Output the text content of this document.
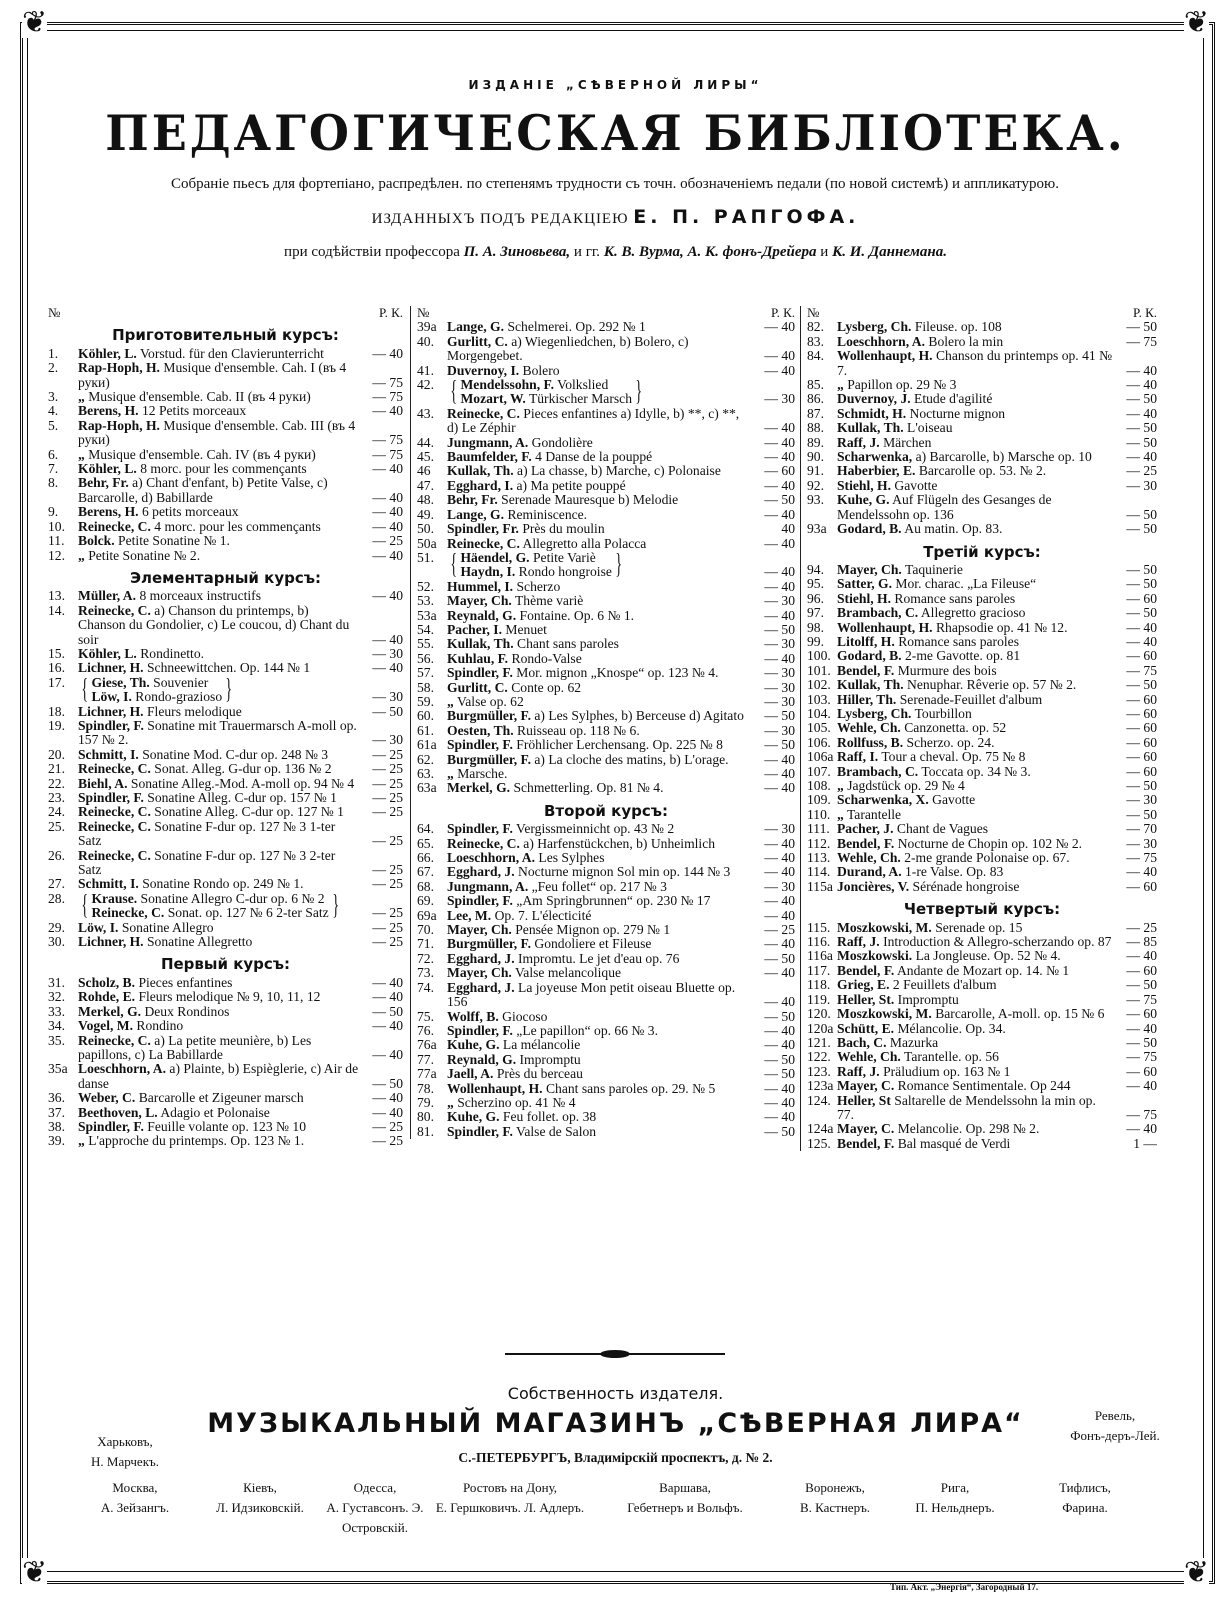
❦	❦
❦	❦
ИЗДАНІЕ „СѢВЕРНОЙ ЛИРЫ“
ПЕДАГОГИЧЕСКАЯ БИБЛІОТЕКА.
Собраніе пьесъ для фортепіано, распредѣлен. по степенямъ трудности съ точн. обозначеніемъ педали (по новой системѣ) и аппликатурою.
ИЗДАННЫХЪ ПОДЪ РЕДАКЦІЕЮ Е. П. РАПГОФА.
при содѣйствіи профессора П. А. Зиновьева, и гг. К. В. Вурма, А. К. фонъ-Дрейера и К. И. Даннемана.
№	Р. К.
Приготовительный курсъ:
1.	Köhler, L. Vorstud. für den Clavierunterricht	— 40
2.	Rap-Hoph, H. Musique d'ensemble. Cah. I (въ 4 руки)	— 75
3.	„ Musique d'ensemble. Cab. II (въ 4 руки)	— 75
4.	Berens, H. 12 Petits morceaux	— 40
5.	Rap-Hoph, H. Musique d'ensemble. Cab. III (въ 4 руки)	— 75
6.	„ Musique d'ensemble. Cah. IV (въ 4 руки)	— 75
7.	Köhler, L. 8 morc. pour les commençants	— 40
8.	Behr, Fr. a) Chant d'enfant, b) Petite Valse, c) Barcarolle, d) Babillarde	— 40
9.	Berens, H. 6 petits morceaux	— 40
10. Reinecke, C. 4 morc. pour les commençants	— 40
11. Bolck. Petite Sonatine № 1.	— 25
12. „ Petite Sonatine № 2.	— 40
Элементарный курсъ:
13. Müller, A. 8 morceaux instructifs	— 40
14. Reinecke, C. a) Chanson du printemps, b) Chanson du Gondolier, c) Le coucou, d) Chant du soir	— 40
15. Köhler, L. Rondinetto.	— 30
16. Lichner, H. Schneewittchen. Op. 144 № 1	— 40
17. { Giese, Th. Souvenier
Löw, I. Rondo-grazioso }	— 30
18. Lichner, H. Fleurs melodique	— 50
19. Spindler, F. Sonatine mit Trauermarsch A-moll op. 157 № 2.	— 30
20. Schmitt, I. Sonatine Mod. C-dur op. 248 № 3	— 25
21. Reinecke, C. Sonat. Alleg. G-dur op. 136 № 2	— 25
22. Biehl, A. Sonatine Alleg.-Mod. A-moll op. 94 № 4	— 25
23. Spindler, F. Sonatine Alleg. C-dur op. 157 № 1	— 25
24. Reinecke, C. Sonatine Alleg. C-dur op. 127 № 1	— 25
25. Reinecke, C. Sonatine F-dur op. 127 № 3 1-ter Satz	— 25
26. Reinecke, C. Sonatine F-dur op. 127 № 3 2-ter Satz	— 25
27. Schmitt, I. Sonatine Rondo op. 249 № 1.	— 25
28. { Krause. Sonatine Allegro C-dur op. 6 № 2
Reinecke, C. Sonat. op. 127 № 6 2-ter Satz }	— 25
29. Löw, I. Sonatine Allegro	— 25
30. Lichner, H. Sonatine Allegretto	— 25
Первый курсъ:
31. Scholz, B. Pieces enfantines	— 40
32. Rohde, E. Fleurs melodique № 9, 10, 11, 12	— 40
33. Merkel, G. Deux Rondinos	— 50
34. Vogel, M. Rondino	— 40
35. Reinecke, C. a) La petite meunière, b) Les papillons, c) La Babillarde	— 40
35a Loeschhorn, A. a) Plainte, b) Espièglerie, c) Air de danse	— 50
36. Weber, C. Barcarolle et Zigeuner marsch	— 40
37. Beethoven, L. Adagio et Polonaise	— 40
38. Spindler, F. Feuille volante op. 123 № 10	— 25
39. „ L'approche du printemps. Op. 123 № 1.	— 25
№	Р. К.
39a Lange, G. Schelmerei. Op. 292 № 1	— 40
40. Gurlitt, C. a) Wiegenliedchen, b) Bolero, c) Morgengebet.	— 40
41. Duvernoy, I. Bolero	— 40
42. { Mendelssohn, F. Volkslied
Mozart, W. Türkischer Marsch }	— 30
43. Reinecke, C. Pieces enfantines a) Idylle, b) **, c) **, d) Le Zéphir	— 40
44. Jungmann, A. Gondolière	— 40
45. Baumfelder, F. 4 Danse de la pouppé	— 40
46	Kullak, Th. a) La chasse, b) Marche, c) Polonaise	— 60
47. Egghard, I. a) Ma petite pouppé	— 40
48. Behr, Fr. Serenade Mauresque b) Melodie	— 50
49. Lange, G. Reminiscence.	— 40
50. Spindler, Fr. Près du moulin	40
50a Reinecke, C. Allegretto alla Polacca	— 40
51. { Häendel, G. Petite Variè
Haydn, I. Rondo hongroise }	— 40
52. Hummel, I. Scherzo	— 40
53. Mayer, Ch. Thème variè	— 30
53a Reynald, G. Fontaine. Op. 6 № 1.	— 40
54. Pacher, I. Menuet	— 50
55. Kullak, Th. Chant sans paroles	— 30
56. Kuhlau, F. Rondo-Valse	— 40
57. Spindler, F. Mor. mignon „Knospe“ op. 123 № 4.	— 30
58. Gurlitt, C. Conte op. 62	— 30
59. „ Valse op. 62	— 30
60. Burgmüller, F. a) Les Sylphes, b) Berceuse d) Agitato	— 50
61. Oesten, Th. Ruisseau op. 118 № 6.	— 30
61a Spindler, F. Fröhlicher Lerchensang. Op. 225 № 8	— 50
62. Burgmüller, F. a) La cloche des matins, b) L'orage.	— 40
63. „ Marsche.	— 40
63a Merkel, G. Schmetterling. Op. 81 № 4.	— 40
Второй курсъ:
64. Spindler, F. Vergissmeinnicht op. 43 № 2	— 30
65. Reinecke, C. a) Harfenstückchen, b) Unheimlich	— 40
66. Loeschhorn, A. Les Sylphes	— 40
67. Egghard, J. Nocturne mignon Sol min op. 144 № 3	— 40
68. Jungmann, A. „Feu follet“ op. 217 № 3	— 30
69. Spindler, F. „Am Springbrunnen“ op. 230 № 17	— 40
69a Lee, M. Op. 7. L'électicité	— 40
70. Mayer, Ch. Pensée Mignon op. 279 № 1	— 25
71. Burgmüller, F. Gondoliere et Fileuse	— 40
72. Egghard, J. Impromtu. Le jet d'eau op. 76	— 50
73. Mayer, Ch. Valse melancolique	— 40
74. Egghard, J. La joyeuse Mon petit oiseau Bluette op. 156	— 40
75. Wolff, B. Giocoso	— 50
76. Spindler, F. „Le papillon“ op. 66 № 3.	— 40
76a Kuhe, G. La mélancolie	— 40
77. Reynald, G. Impromptu	— 50
77a Jaell, A. Près du berceau	— 50
78. Wollenhaupt, H. Chant sans paroles op. 29. № 5	— 40
79. „ Scherzino op. 41 № 4	— 40
80. Kuhe, G. Feu follet. op. 38	— 40
81. Spindler, F. Valse de Salon	— 50
№	Р. К.
82. Lysberg, Ch. Fileuse. op. 108	— 50
83. Loeschhorn, A. Bolero la min	— 75
84. Wollenhaupt, H. Chanson du printemps op. 41 № 7.	— 40
85. „ Papillon op. 29 № 3	— 40
86. Duvernoy, J. Etude d'agilité	— 50
87. Schmidt, H. Nocturne mignon	— 40
88. Kullak, Th. L'oiseau	— 50
89. Raff, J. Märchen	— 50
90. Scharwenka, a) Barcarolle, b) Marsche op. 10	— 40
91. Haberbier, E. Barcarolle op. 53. № 2.	— 25
92. Stiehl, H. Gavotte	— 30
93. Kuhe, G. Auf Flügeln des Gesanges de Mendelssohn op. 136	— 50
93a Godard, B. Au matin. Op. 83.	— 50
Третій курсъ:
94. Mayer, Ch. Taquinerie	— 50
95. Satter, G. Mor. charac. „La Fileuse“	— 50
96. Stiehl, H. Romance sans paroles	— 60
97. Brambach, C. Allegretto gracioso	— 50
98. Wollenhaupt, H. Rhapsodie op. 41 № 12.	— 40
99. Litolff, H. Romance sans paroles	— 40
100. Godard, B. 2-me Gavotte. op. 81	— 60
101. Bendel, F. Murmure des bois	— 75
102. Kullak, Th. Nenuphar. Rêverie op. 57 № 2.	— 50
103. Hiller, Th. Serenade-Feuillet d'album	— 60
104. Lysberg, Ch. Tourbillon	— 60
105. Wehle, Ch. Canzonetta. op. 52	— 60
106. Rollfuss, B. Scherzo. op. 24.	— 60
106a Raff, I. Tour a cheval. Op. 75 № 8	— 60
107. Brambach, C. Toccata op. 34 № 3.	— 60
108. „ Jagdstück op. 29 № 4	— 50
109. Scharwenka, X. Gavotte	— 30
110. „ Tarantelle	— 50
111. Pacher, J. Chant de Vagues	— 70
112. Bendel, F. Nocturne de Chopin op. 102 № 2.	— 30
113. Wehle, Ch. 2-me grande Polonaise op. 67.	— 75
114. Durand, A. 1-re Valse. Op. 83	— 40
115a Joncières, V. Sérénade hongroise	— 60
Четвертый курсъ:
115. Moszkowski, M. Serenade op. 15	— 25
116. Raff, J. Introduction & Allegro-scherzando op. 87	— 85
116a Moszkowski. La Jongleuse. Op. 52 № 4.	— 40
117. Bendel, F. Andante de Mozart op. 14. № 1	— 60
118. Grieg, E. 2 Feuillets d'album	— 50
119. Heller, St. Impromptu	— 75
120. Moszkowski, M. Barcarolle, A-moll. op. 15 № 6	— 60
120a Schütt, E. Mélancolie. Op. 34.	— 40
121. Bach, C. Mazurka	— 50
122. Wehle, Ch. Tarantelle. op. 56	— 75
123. Raff, J. Präludium op. 163 № 1	— 60
123a Mayer, C. Romance Sentimentale. Op 244	— 40
124. Heller, St Saltarelle de Mendelssohn la min op. 77.	— 75
124a Mayer, C. Melancolie. Op. 298 № 2.	— 40
125. Bendel, F. Bal masqué de Verdi	1 —
Собственность издателя.
МУЗЫКАЛЬНЫЙ МАГАЗИНЪ „СѢВЕРНАЯ ЛИРА“
С.-ПЕТЕРБУРГЪ, Владимірскій проспектъ, д. № 2.
Харьковъ,
Н. Марчекъ.
Ревель,
Фонъ-деръ-Лей.
Москва,
А. Зейзангъ.
Кіевъ,
Л. Идзиковскій.
Одесса,
А. Густавсонъ. Э. Островскій.
Ростовъ на Дону,
Е. Гершковичъ. Л. Адлеръ.
Варшава,
Гебетнеръ и Вольфъ.
Воронежъ,
В. Кастнеръ.
Рига,
П. Нельднеръ.
Тифлисъ,
Фарина.
Тип. Акт. „Энергія“, Загородный 17.
